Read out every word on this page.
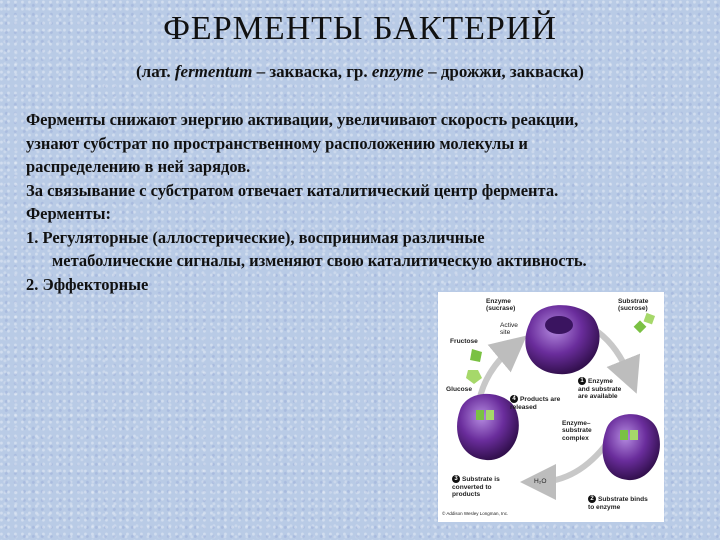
ФЕРМЕНТЫ БАКТЕРИЙ
(лат. fermentum – закваска, гр. enzyme – дрожжи, закваска)

Ферменты снижают энергию активации, увеличивают скорость реакции,

узнают субстрат по пространственному расположению молекулы и

распределению в ней зарядов.

За связывание с субстратом отвечает каталитический центр фермента.

Ферменты:

1. Регуляторные (аллостерические), воспринимая различные

метаболические сигналы, изменяют свою каталитическую активность.

2. Эффекторные

Enzyme
(sucrase)
Active
site
Substrate
(sucrose)
Fructose
Glucose

1 Enzyme
and substrate
are available

4 Products are
released

Enzyme–
substrate
complex

3 Substrate is
converted to
products

H₂O

2 Substrate binds
to enzyme

© Addison Wesley Longman, Inc.
